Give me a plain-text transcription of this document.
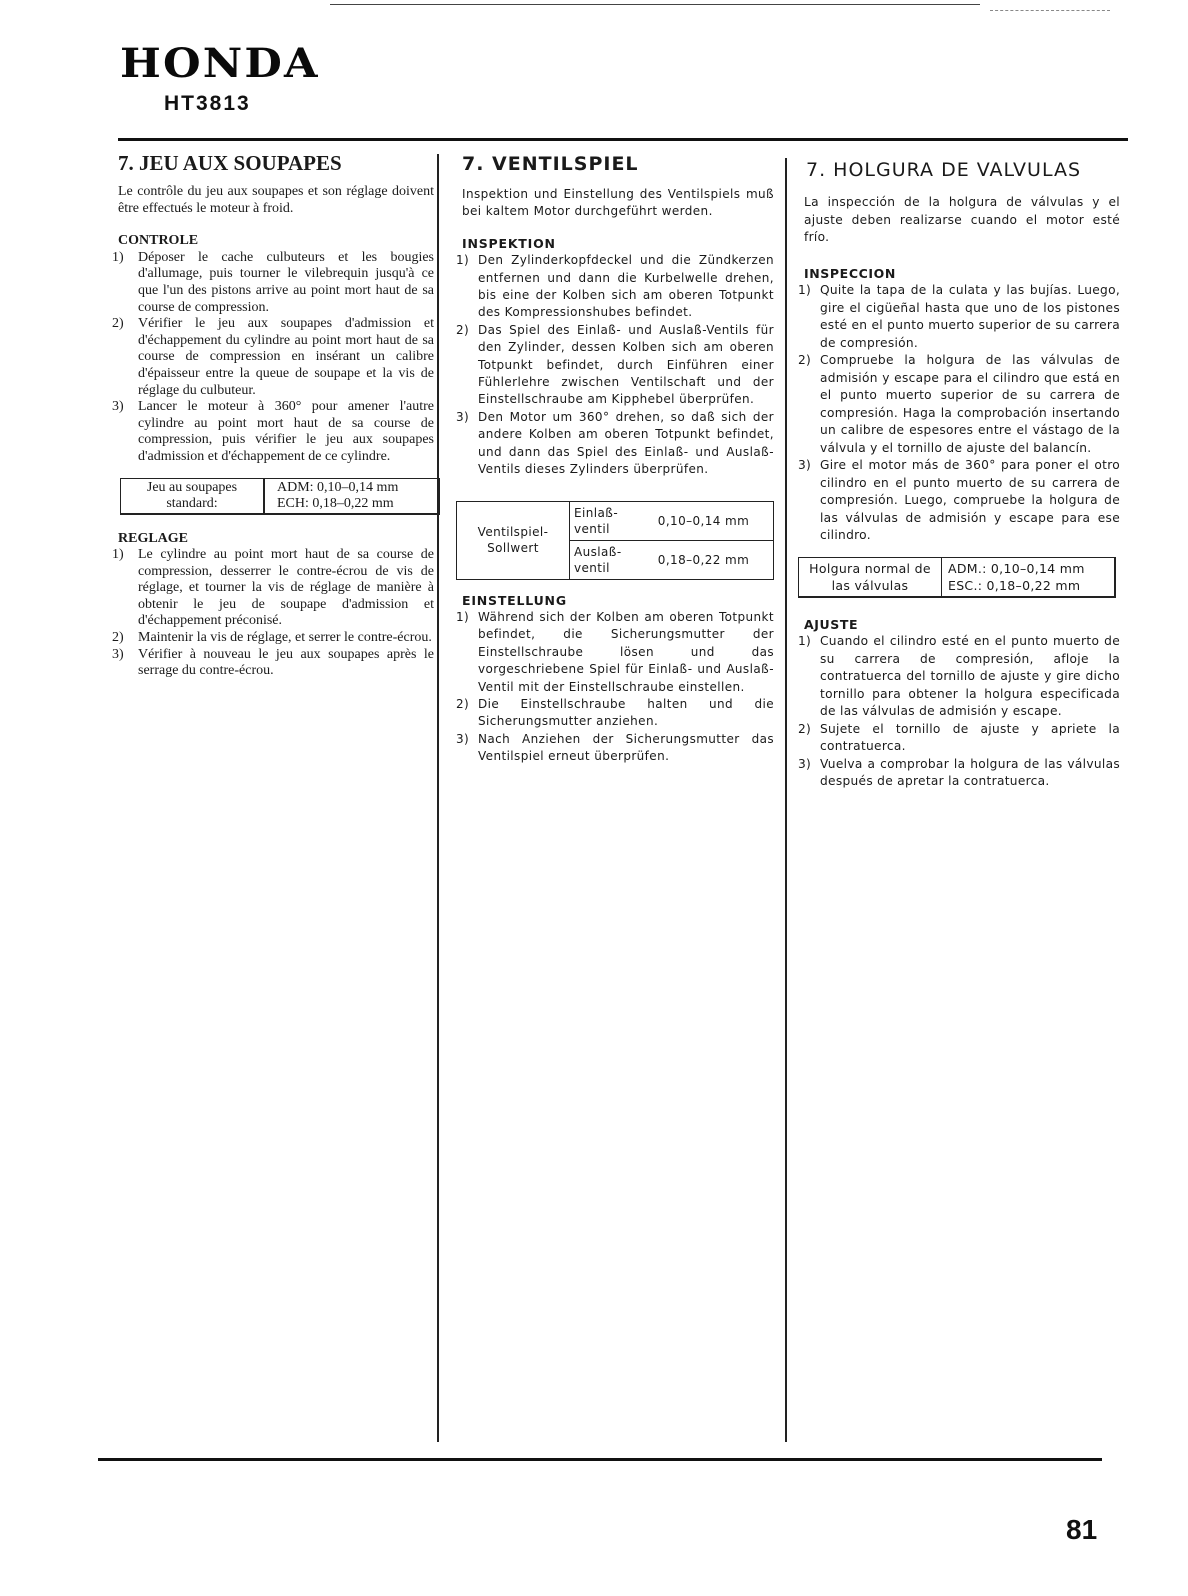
HONDA
HT3813
7. JEU AUX SOUPAPES

Le contrôle du jeu aux soupapes et son réglage doivent être effectués le moteur à froid.

CONTROLE
1) Déposer le cache culbuteurs et les bougies d'allumage, puis tourner le vilebrequin jusqu'à ce que l'un des pistons arrive au point mort haut de sa course de compression.
2) Vérifier le jeu aux soupapes d'admission et d'échappement du cylindre au point mort haut de sa course de compression en insérant un calibre d'épaisseur entre la queue de soupape et la vis de réglage du culbuteur.
3) Lancer le moteur à 360° pour amener l'autre cylindre au point mort haut de sa course de compression, puis vérifier le jeu aux soupapes d'admission et d'échappement de ce cylindre.
Jeu au soupapes standard:	ADM: 0,10–0,14 mm
ECH: 0,18–0,22 mm
REGLAGE
1) Le cylindre au point mort haut de sa course de compression, desserrer le contre-écrou de vis de réglage, et tourner la vis de réglage de manière à obtenir le jeu de soupape d'admission et d'échappement préconisé.
2) Maintenir la vis de réglage, et serrer le contre-écrou.
3) Vérifier à nouveau le jeu aux soupapes après le serrage du contre-écrou.
7. VENTILSPIEL

Inspektion und Einstellung des Ventilspiels muß bei kaltem Motor durchgeführt werden.

INSPEKTION
1) Den Zylinderkopfdeckel und die Zündkerzen entfernen und dann die Kurbelwelle drehen, bis eine der Kolben sich am oberen Totpunkt des Kompressionshubes befindet.
2) Das Spiel des Einlaß- und Auslaß-Ventils für den Zylinder, dessen Kolben sich am oberen Totpunkt befindet, durch Einführen einer Fühlerlehre zwischen Ventilschaft und der Einstellschraube am Kipphebel überprüfen.
3) Den Motor um 360° drehen, so daß sich der andere Kolben am oberen Totpunkt befindet, und dann das Spiel des Einlaß- und Auslaß-Ventils dieses Zylinders überprüfen.
Ventilspiel-Sollwert	Einlaß-ventil	0,10–0,14 mm
	Auslaß-ventil	0,18–0,22 mm
EINSTELLUNG
1) Während sich der Kolben am oberen Totpunkt befindet, die Sicherungsmutter der Einstellschraube lösen und das vorgeschriebene Spiel für Einlaß- und Auslaß-Ventil mit der Einstellschraube einstellen.
2) Die Einstellschraube halten und die Sicherungsmutter anziehen.
3) Nach Anziehen der Sicherungsmutter das Ventilspiel erneut überprüfen.
7. HOLGURA DE VALVULAS

La inspección de la holgura de válvulas y el ajuste deben realizarse cuando el motor esté frío.

INSPECCION
1) Quite la tapa de la culata y las bujías. Luego, gire el cigüeñal hasta que uno de los pistones esté en el punto muerto superior de su carrera de compresión.
2) Compruebe la holgura de las válvulas de admisión y escape para el cilindro que está en el punto muerto superior de su carrera de compresión. Haga la comprobación insertando un calibre de espesores entre el vástago de la válvula y el tornillo de ajuste del balancín.
3) Gire el motor más de 360° para poner el otro cilindro en el punto muerto de su carrera de compresión. Luego, compruebe la holgura de las válvulas de admisión y escape para ese cilindro.
Holgura normal de las válvulas	ADM.: 0,10–0,14 mm
ESC.: 0,18–0,22 mm
AJUSTE
1) Cuando el cilindro esté en el punto muerto de su carrera de compresión, afloje la contratuerca del tornillo de ajuste y gire dicho tornillo para obtener la holgura especificada de las válvulas de admisión y escape.
2) Sujete el tornillo de ajuste y apriete la contratuerca.
3) Vuelva a comprobar la holgura de las válvulas después de apretar la contratuerca.

81
